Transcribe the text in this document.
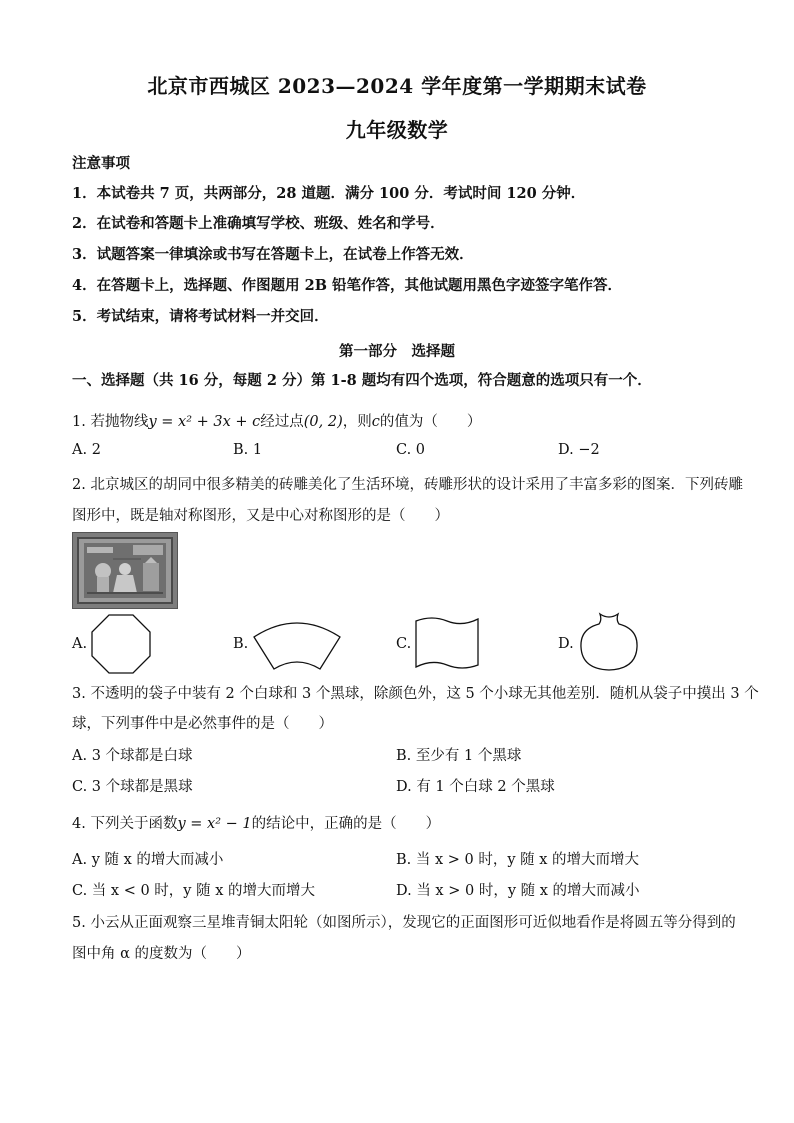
北京市西城区 2023—2024 学年度第一学期期末试卷
九年级数学
注意事项
1．本试卷共 7 页，共两部分，28 道题．满分 100 分．考试时间 120 分钟．
2．在试卷和答题卡上准确填写学校、班级、姓名和学号．
3．试题答案一律填涂或书写在答题卡上，在试卷上作答无效．
4．在答题卡上，选择题、作图题用 2B 铅笔作答，其他试题用黑色字迹签字笔作答．
5．考试结束，请将考试材料一并交回．
第一部分　选择题
一、选择题（共 16 分，每题 2 分）第 1-8 题均有四个选项，符合题意的选项只有一个．
1. 若抛物线y = x² + 3x + c经过点(0, 2)，则c的值为（　　）
A. 2	B. 1	C. 0	D. −2
2. 北京城区的胡同中很多精美的砖雕美化了生活环境，砖雕形状的设计采用了丰富多彩的图案．下列砖雕
图形中，既是轴对称图形，又是中心对称图形的是（　　）
A.	B.	C.	D.
3. 不透明的袋子中装有 2 个白球和 3 个黑球，除颜色外，这 5 个小球无其他差别．随机从袋子中摸出 3 个
球，下列事件中是必然事件的是（　　）
A. 3 个球都是白球	B. 至少有 1 个黑球
C. 3 个球都是黑球	D. 有 1 个白球 2 个黑球
4. 下列关于函数y = x² − 1的结论中，正确的是（　　）
A. y 随 x 的增大而减小	B. 当 x > 0 时，y 随 x 的增大而增大
C. 当 x < 0 时，y 随 x 的增大而增大	D. 当 x > 0 时，y 随 x 的增大而减小
5. 小云从正面观察三星堆青铜太阳轮（如图所示），发现它的正面图形可近似地看作是将圆五等分得到的
图中角 α 的度数为（　　）
